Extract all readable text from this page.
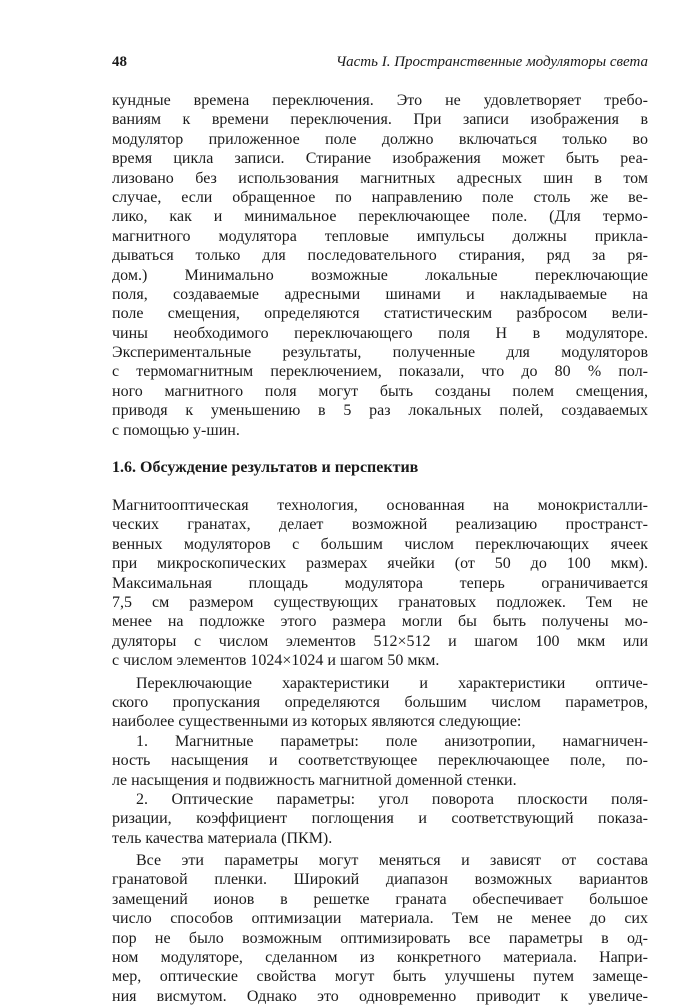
48	Часть I. Пространственные модуляторы света
кундные времена переключения. Это не удовлетворяет требо-
ваниям к времени переключения. При записи изображения в
модулятор приложенное поле должно включаться только во
время цикла записи. Стирание изображения может быть реа-
лизовано без использования магнитных адресных шин в том
случае, если обращенное по направлению поле столь же ве-
лико, как и минимальное переключающее поле. (Для термо-
магнитного модулятора тепловые импульсы должны прикла-
дываться только для последовательного стирания, ряд за ря-
дом.) Минимально возможные локальные переключающие
поля, создаваемые адресными шинами и накладываемые на
поле смещения, определяются статистическим разбросом вели-
чины необходимого переключающего поля H в модуляторе.
Экспериментальные результаты, полученные для модуляторов
с термомагнитным переключением, показали, что до 80 % пол-
ного магнитного поля могут быть созданы полем смещения,
приводя к уменьшению в 5 раз локальных полей, создаваемых
с помощью y-шин.
1.6. Обсуждение результатов и перспектив
Магнитооптическая технология, основанная на монокристалли-
ческих гранатах, делает возможной реализацию пространст-
венных модуляторов с большим числом переключающих ячеек
при микроскопических размерах ячейки (от 50 до 100 мкм).
Максимальная площадь модулятора теперь ограничивается
7,5 см размером существующих гранатовых подложек. Тем не
менее на подложке этого размера могли бы быть получены мо-
дуляторы с числом элементов 512×512 и шагом 100 мкм или
с числом элементов 1024×1024 и шагом 50 мкм.
Переключающие характеристики и характеристики оптиче-
ского пропускания определяются большим числом параметров,
наиболее существенными из которых являются следующие:
1. Магнитные параметры: поле анизотропии, намагничен-
ность насыщения и соответствующее переключающее поле, по-
ле насыщения и подвижность магнитной доменной стенки.
2. Оптические параметры: угол поворота плоскости поля-
ризации, коэффициент поглощения и соответствующий показа-
тель качества материала (ПКМ).
Все эти параметры могут меняться и зависят от состава
гранатовой пленки. Широкий диапазон возможных вариантов
замещений ионов в решетке граната обеспечивает большое
число способов оптимизации материала. Тем не менее до сих
пор не было возможным оптимизировать все параметры в од-
ном модуляторе, сделанном из конкретного материала. Напри-
мер, оптические свойства могут быть улучшены путем замеще-
ния висмутом. Однако это одновременно приводит к увеличе-
